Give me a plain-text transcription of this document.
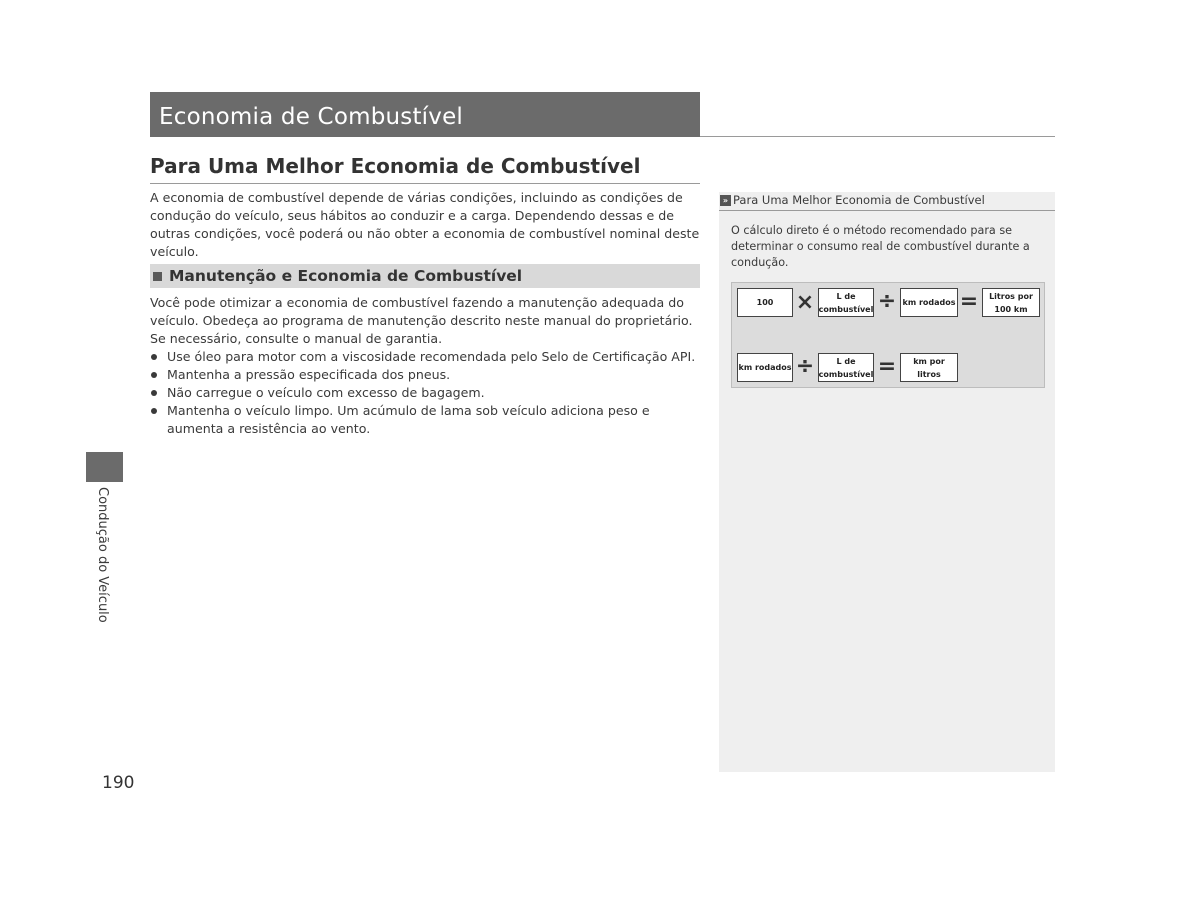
Economia de Combustível
Para Uma Melhor Economia de Combustível
A economia de combustível depende de várias condições, incluindo as condições de condução do veículo, seus hábitos ao conduzir e a carga. Dependendo dessas e de outras condições, você poderá ou não obter a economia de combustível nominal deste veículo.
Manutenção e Economia de Combustível
Você pode otimizar a economia de combustível fazendo a manutenção adequada do veículo. Obedeça ao programa de manutenção descrito neste manual do proprietário. Se necessário, consulte o manual de garantia.
Use óleo para motor com a viscosidade recomendada pelo Selo de Certificação API.
Mantenha a pressão especificada dos pneus.
Não carregue o veículo com excesso de bagagem.
Mantenha o veículo limpo. Um acúmulo de lama sob veículo adiciona peso e aumenta a resistência ao vento.
Condução do Veículo
190
» Para Uma Melhor Economia de Combustível
O cálculo direto é o método recomendado para se determinar o consumo real de combustível durante a condução.
100 ×	L de
combustível ÷ km rodados = Litros por
100 km
km rodados ÷	L de
combustível = km por
litros
